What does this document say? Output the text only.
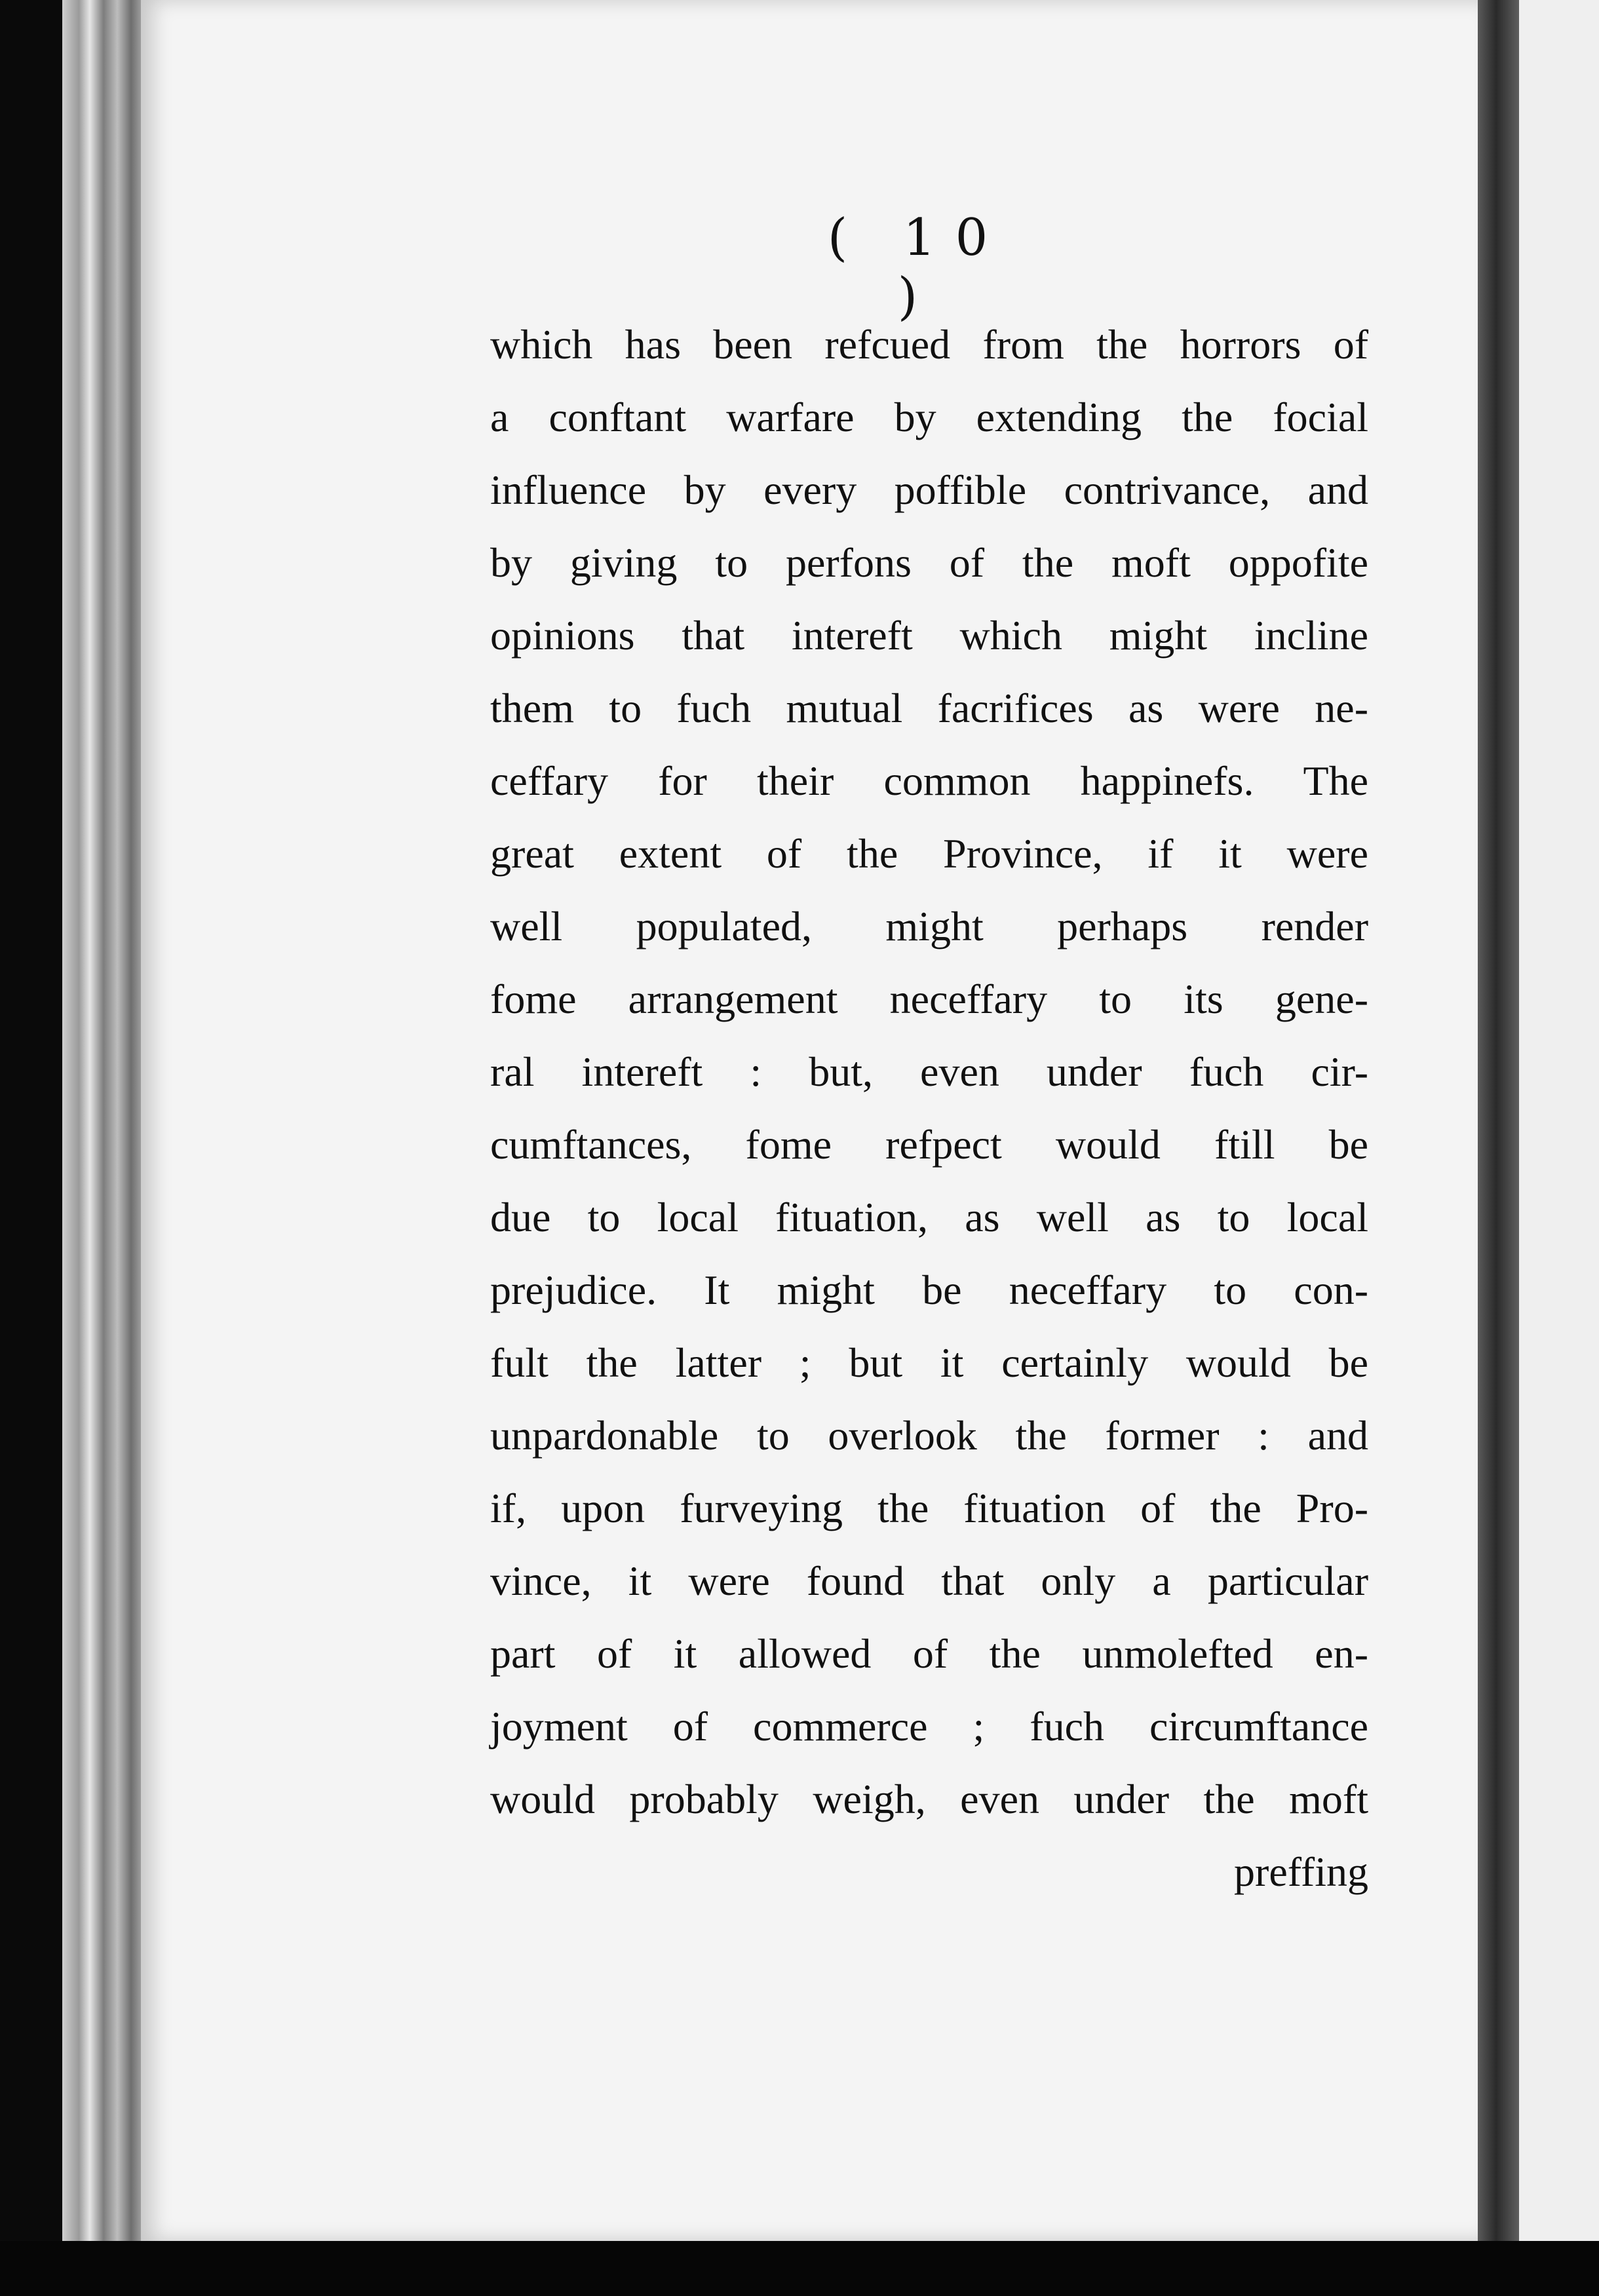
( 10 )
which has been refcued from the horrors of
a conftant warfare by extending the focial
influence by every poffible contrivance, and
by giving to perfons of the moft oppofite
opinions that intereft which might incline
them to fuch mutual facrifices as were ne-
ceffary for their common happinefs. The
great extent of the Province, if it were
well populated, might perhaps render
fome arrangement neceffary to its gene-
ral intereft : but, even under fuch cir-
cumftances, fome refpect would ftill be
due to local fituation, as well as to local
prejudice. It might be neceffary to con-
fult the latter ; but it certainly would be
unpardonable to overlook the former : and
if, upon furveying the fituation of the Pro-
vince, it were found that only a particular
part of it allowed of the unmolefted en-
joyment of commerce ; fuch circumftance
would probably weigh, even under the moft
preffing
